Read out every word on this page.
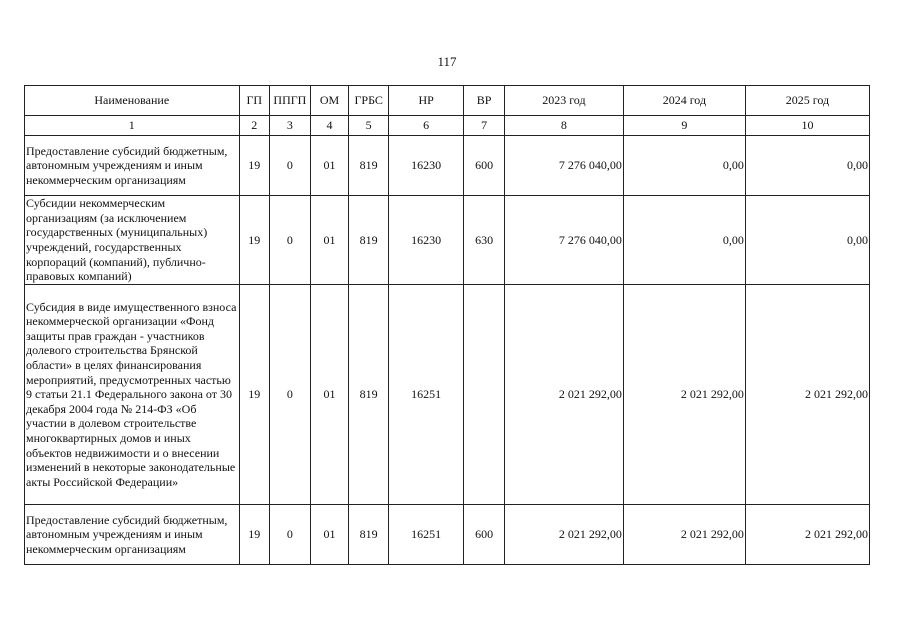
117
Наименование	ГП	ППГП	ОМ	ГРБС	НР	ВР	2023 год	2024 год	2025 год
1	2	3	4	5	6	7	8	9	10
Предоставление субсидий бюджетным, автономным учреждениям и иным некоммерческим организациям	19	0	01	819	16230	600	7 276 040,00	0,00	0,00
Субсидии некоммерческим организациям (за исключением государственных (муниципальных) учреждений, государственных корпораций (компаний), публично-правовых компаний)	19	0	01	819	16230	630	7 276 040,00	0,00	0,00
Субсидия в виде имущественного взноса некоммерческой организации «Фонд защиты прав граждан - участников долевого строительства Брянской области» в целях финансирования мероприятий, предусмотренных частью 9 статьи 21.1 Федерального закона от 30 декабря 2004 года № 214-ФЗ «Об участии в долевом строительстве многоквартирных домов и иных объектов недвижимости и о внесении изменений в некоторые законодательные акты Российской Федерации»	19	0	01	819	16251		2 021 292,00	2 021 292,00	2 021 292,00
Предоставление субсидий бюджетным, автономным учреждениям и иным некоммерческим организациям	19	0	01	819	16251	600	2 021 292,00	2 021 292,00	2 021 292,00
